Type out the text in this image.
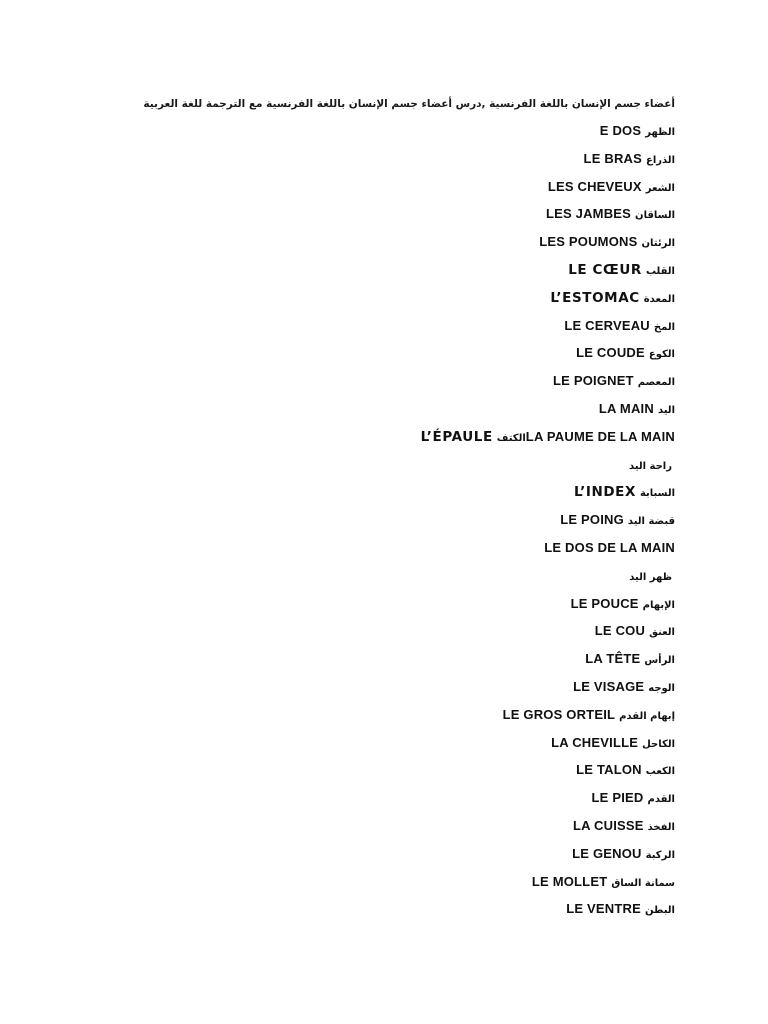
أعضاء جسم الإنسان باللغة الفرنسية ,درس أعضاء جسم الإنسان باللغة الفرنسية مع الترجمة للغة العربية
E DOS الظهر
LE BRAS الذراع
LES CHEVEUX الشعر
LES JAMBES الساقان
LES POUMONS الرئتان
LE CŒUR القلب
L’ESTOMAC المعدة
LE CERVEAU المخ
LE COUDE الكوع
LE POIGNET المعصم
LA MAIN اليد
L’ÉPAULE الكتفLA PAUME DE LA MAIN
راحة اليد
L’INDEX السبابة
LE POING قبضة اليد
LE DOS DE LA MAIN
ظهر اليد
LE POUCE الإبهام
LE COU العنق
LA TÊTE الرأس
LE VISAGE الوجه
LE GROS ORTEIL إبهام القدم
LA CHEVILLE الكاحل
LE TALON الكعب
LE PIED القدم
LA CUISSE الفخذ
LE GENOU الركبة
LE MOLLET سمانة الساق
LE VENTRE البطن
